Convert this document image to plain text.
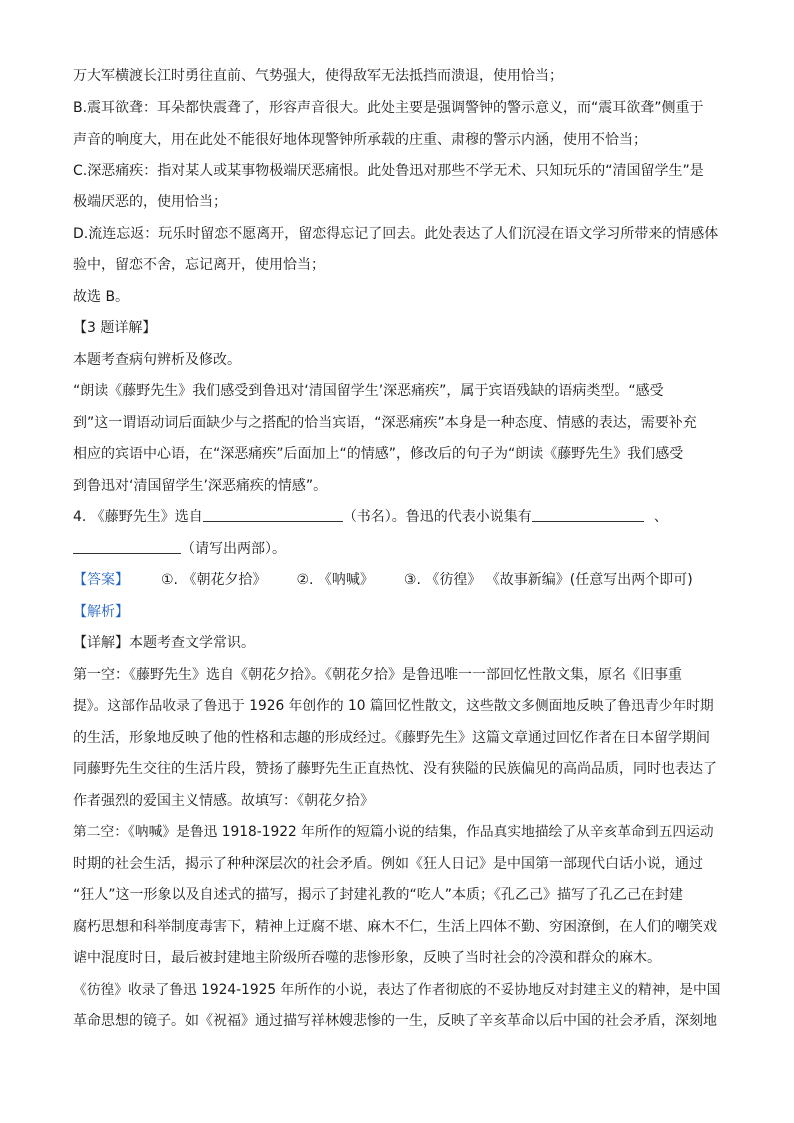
万大军横渡长江时勇往直前、气势强大，使得敌军无法抵挡而溃退，使用恰当；

B.震耳欲聋：耳朵都快震聋了，形容声音很大。此处主要是强调警钟的警示意义，而“震耳欲聋”侧重于

声音的响度大，用在此处不能很好地体现警钟所承载的庄重、肃穆的警示内涵，使用不恰当；

C.深恶痛疾：指对某人或某事物极端厌恶痛恨。此处鲁迅对那些不学无术、只知玩乐的“清国留学生”是

极端厌恶的，使用恰当；

D.流连忘返：玩乐时留恋不愿离开，留恋得忘记了回去。此处表达了人们沉浸在语文学习所带来的情感体

验中，留恋不舍，忘记离开，使用恰当；

故选 B。

【3 题详解】

本题考查病句辨析及修改。

“朗读《藤野先生》我们感受到鲁迅对‘清国留学生’深恶痛疾”，属于宾语残缺的语病类型。“感受

到”这一谓语动词后面缺少与之搭配的恰当宾语，“深恶痛疾”本身是一种态度、情感的表达，需要补充

相应的宾语中心语，在“深恶痛疾”后面加上“的情感”，修改后的句子为“朗读《藤野先生》我们感受

到鲁迅对‘清国留学生’深恶痛疾的情感”。

4. 《藤野先生》选自	（书名）。鲁迅的代表小说集有	、

（请写出两部）。

【答案】 ①. 《朝花夕拾》 ②. 《呐喊》 ③. 《彷徨》 《故事新编》(任意写出两个即可)

【解析】

【详解】本题考查文学常识。

第一空：《藤野先生》选自《朝花夕拾》。《朝花夕拾》是鲁迅唯一一部回忆性散文集，原名《旧事重

提》。这部作品收录了鲁迅于 1926 年创作的 10 篇回忆性散文，这些散文多侧面地反映了鲁迅青少年时期

的生活，形象地反映了他的性格和志趣的形成经过。《藤野先生》这篇文章通过回忆作者在日本留学期间

同藤野先生交往的生活片段，赞扬了藤野先生正直热忱、没有狭隘的民族偏见的高尚品质，同时也表达了

作者强烈的爱国主义情感。故填写：《朝花夕拾》

第二空：《呐喊》是鲁迅 1918-1922 年所作的短篇小说的结集，作品真实地描绘了从辛亥革命到五四运动

时期的社会生活，揭示了种种深层次的社会矛盾。例如《狂人日记》是中国第一部现代白话小说，通过

“狂人”这一形象以及自述式的描写，揭示了封建礼教的“吃人”本质；《孔乙己》描写了孔乙己在封建

腐朽思想和科举制度毒害下，精神上迂腐不堪、麻木不仁，生活上四体不勤、穷困潦倒，在人们的嘲笑戏

谑中混度时日，最后被封建地主阶级所吞噬的悲惨形象，反映了当时社会的冷漠和群众的麻木。

《彷徨》收录了鲁迅 1924-1925 年所作的小说，表达了作者彻底的不妥协地反对封建主义的精神，是中国

革命思想的镜子。如《祝福》通过描写祥林嫂悲惨的一生，反映了辛亥革命以后中国的社会矛盾，深刻地
